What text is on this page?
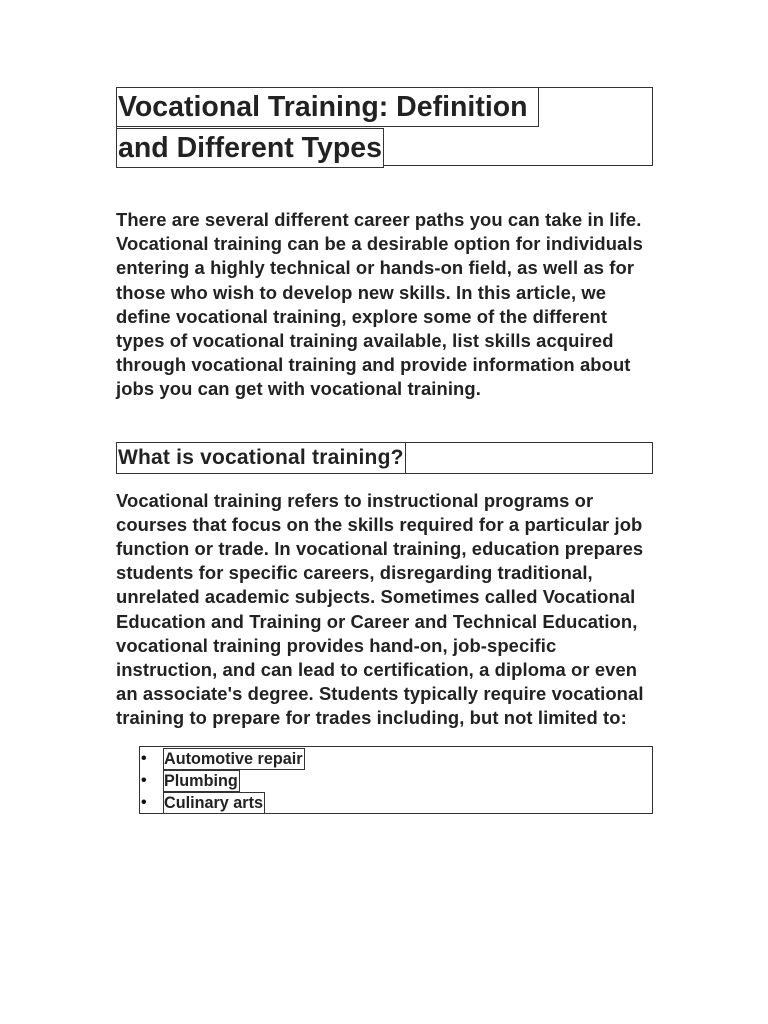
Vocational Training: Definition
and Different Types

There are several different career paths you can take in life. Vocational training can be a desirable option for individuals entering a highly technical or hands-on field, as well as for those who wish to develop new skills. In this article, we define vocational training, explore some of the different types of vocational training available, list skills acquired through vocational training and provide information about jobs you can get with vocational training.

What is vocational training?

Vocational training refers to instructional programs or courses that focus on the skills required for a particular job function or trade. In vocational training, education prepares students for specific careers, disregarding traditional, unrelated academic subjects. Sometimes called Vocational Education and Training or Career and Technical Education, vocational training provides hand-on, job-specific instruction, and can lead to certification, a diploma or even an associate's degree. Students typically require vocational training to prepare for trades including, but not limited to:

•	Automotive repair
•	Plumbing
•	Culinary arts
